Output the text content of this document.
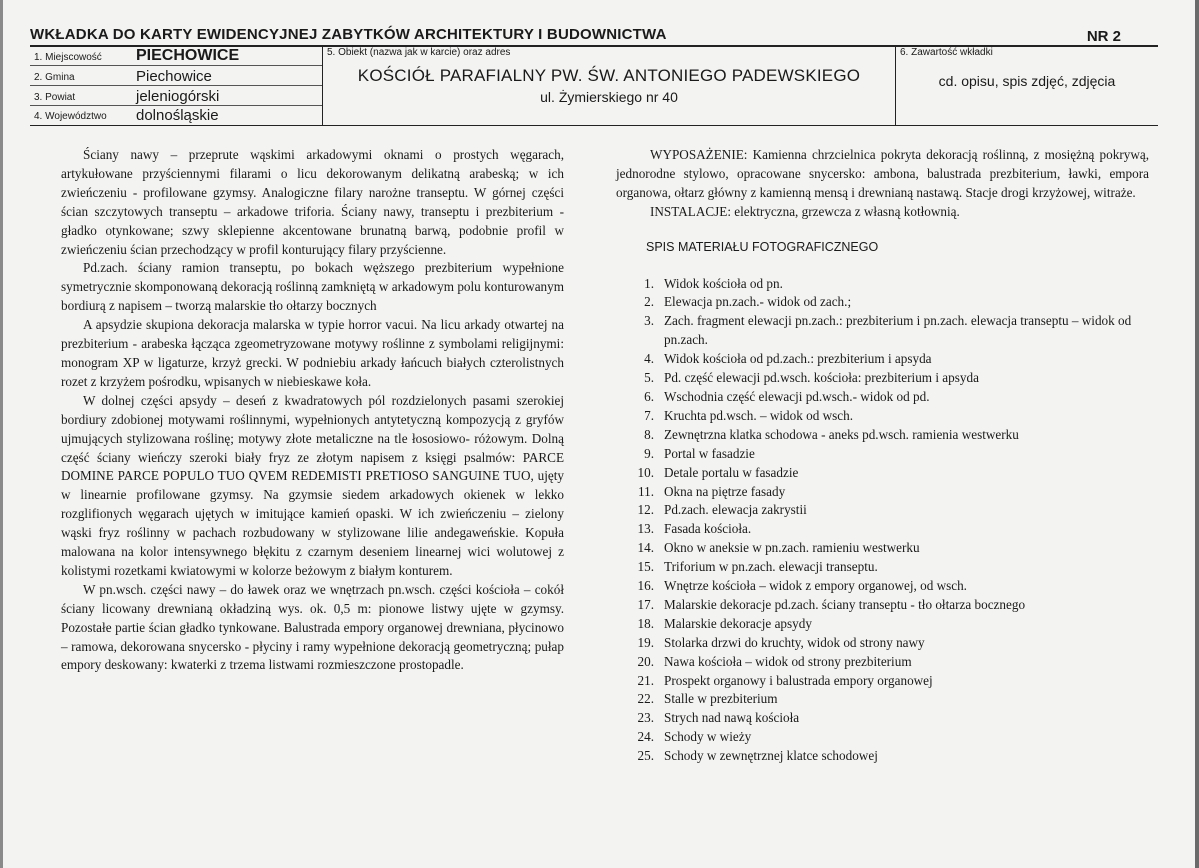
WKŁADKA DO KARTY EWIDENCYJNEJ ZABYTKÓW ARCHITEKTURY I BUDOWNICTWA	NR 2
1. Miejscowość PIECHOWICE
2. Gmina	Piechowice
3. Powiat	jeleniogórski
4. Województwo dolnośląskie
5. Obiekt (nazwa jak w karcie) oraz adres
KOŚCIÓŁ PARAFIALNY PW. ŚW. ANTONIEGO PADEWSKIEGO
ul. Żymierskiego nr 40
6. Zawartość wkładki
cd. opisu, spis zdjęć, zdjęcia

Ściany nawy – przeprute wąskimi arkadowymi oknami o prostych węgarach, artykułowane przyściennymi filarami o licu dekorowanym delikatną arabeską; w ich zwieńczeniu - profilowane gzymsy. Analogiczne filary narożne transeptu. W górnej części ścian szczytowych transeptu – arkadowe triforia. Ściany nawy, transeptu i prezbiterium - gładko otynkowane; szwy sklepienne akcentowane brunatną barwą, podobnie profil w zwieńczeniu ścian przechodzący w profil konturujący filary przyścienne.

Pd.zach. ściany ramion transeptu, po bokach węższego prezbiterium wypełnione symetrycznie skomponowaną dekoracją roślinną zamkniętą w arkadowym polu konturowanym bordiurą z napisem – tworzą malarskie tło ołtarzy bocznych

A apsydzie skupiona dekoracja malarska w typie horror vacui. Na licu arkady otwartej na prezbiterium - arabeska łącząca zgeometryzowane motywy roślinne z symbolami religijnymi: monogram XP w ligaturze, krzyż grecki. W podniebiu arkady łańcuch białych czterolistnych rozet z krzyżem pośrodku, wpisanych w niebieskawe koła.

W dolnej części apsydy – deseń z kwadratowych pól rozdzielonych pasami szerokiej bordiury zdobionej motywami roślinnymi, wypełnionych antytetyczną kompozycją z gryfów ujmujących stylizowana roślinę; motywy złote metaliczne na tle łososiowo- różowym. Dolną część ściany wieńczy szeroki biały fryz ze złotym napisem z księgi psalmów: PARCE DOMINE PARCE POPULO TUO QVEM REDEMISTI PRETIOSO SANGUINE TUO, ujęty w linearnie profilowane gzymsy. Na gzymsie siedem arkadowych okienek w lekko rozglifionych węgarach ujętych w imitujące kamień opaski. W ich zwieńczeniu – zielony wąski fryz roślinny w pachach rozbudowany w stylizowane lilie andegaweńskie. Kopuła malowana na kolor intensywnego błękitu z czarnym deseniem linearnej wici wolutowej z kolistymi rozetkami kwiatowymi w kolorze beżowym z białym konturem.

W pn.wsch. części nawy – do ławek oraz we wnętrzach pn.wsch. części kościoła – cokół ściany licowany drewnianą okładziną wys. ok. 0,5 m: pionowe listwy ujęte w gzymsy. Pozostałe partie ścian gładko tynkowane. Balustrada empory organowej drewniana, płycinowo – ramowa, dekorowana snycersko - płyciny i ramy wypełnione dekoracją geometryczną; pułap empory deskowany: kwaterki z trzema listwami rozmieszczone prostopadle.

WYPOSAŻENIE: Kamienna chrzcielnica pokryta dekoracją roślinną, z mosiężną pokrywą, jednorodne stylowo, opracowane snycersko: ambona, balustrada prezbiterium, ławki, empora organowa, ołtarz główny z kamienną mensą i drewnianą nastawą. Stacje drogi krzyżowej, witraże.

INSTALACJE: elektryczna, grzewcza z własną kotłownią.

SPIS MATERIAŁU FOTOGRAFICZNEGO
1. Widok kościoła od pn.
2. Elewacja pn.zach.- widok od zach.;
3. Zach. fragment elewacji pn.zach.: prezbiterium i pn.zach. elewacja transeptu – widok od pn.zach.
4. Widok kościoła od pd.zach.: prezbiterium i apsyda
5. Pd. część elewacji pd.wsch. kościoła: prezbiterium i apsyda
6. Wschodnia część elewacji pd.wsch.- widok od pd.
7. Kruchta pd.wsch. – widok od wsch.
8. Zewnętrzna klatka schodowa - aneks pd.wsch. ramienia westwerku
9. Portal w fasadzie
10. Detale portalu w fasadzie
11. Okna na piętrze fasady
12. Pd.zach. elewacja zakrystii
13. Fasada kościoła.
14. Okno w aneksie w pn.zach. ramieniu westwerku
15. Triforium w pn.zach. elewacji transeptu.
16. Wnętrze kościoła – widok z empory organowej, od wsch.
17. Malarskie dekoracje pd.zach. ściany transeptu - tło ołtarza bocznego
18. Malarskie dekoracje apsydy
19. Stolarka drzwi do kruchty, widok od strony nawy
20. Nawa kościoła – widok od strony prezbiterium
21. Prospekt organowy i balustrada empory organowej
22. Stalle w prezbiterium
23. Strych nad nawą kościoła
24. Schody w wieży
25. Schody w zewnętrznej klatce schodowej
